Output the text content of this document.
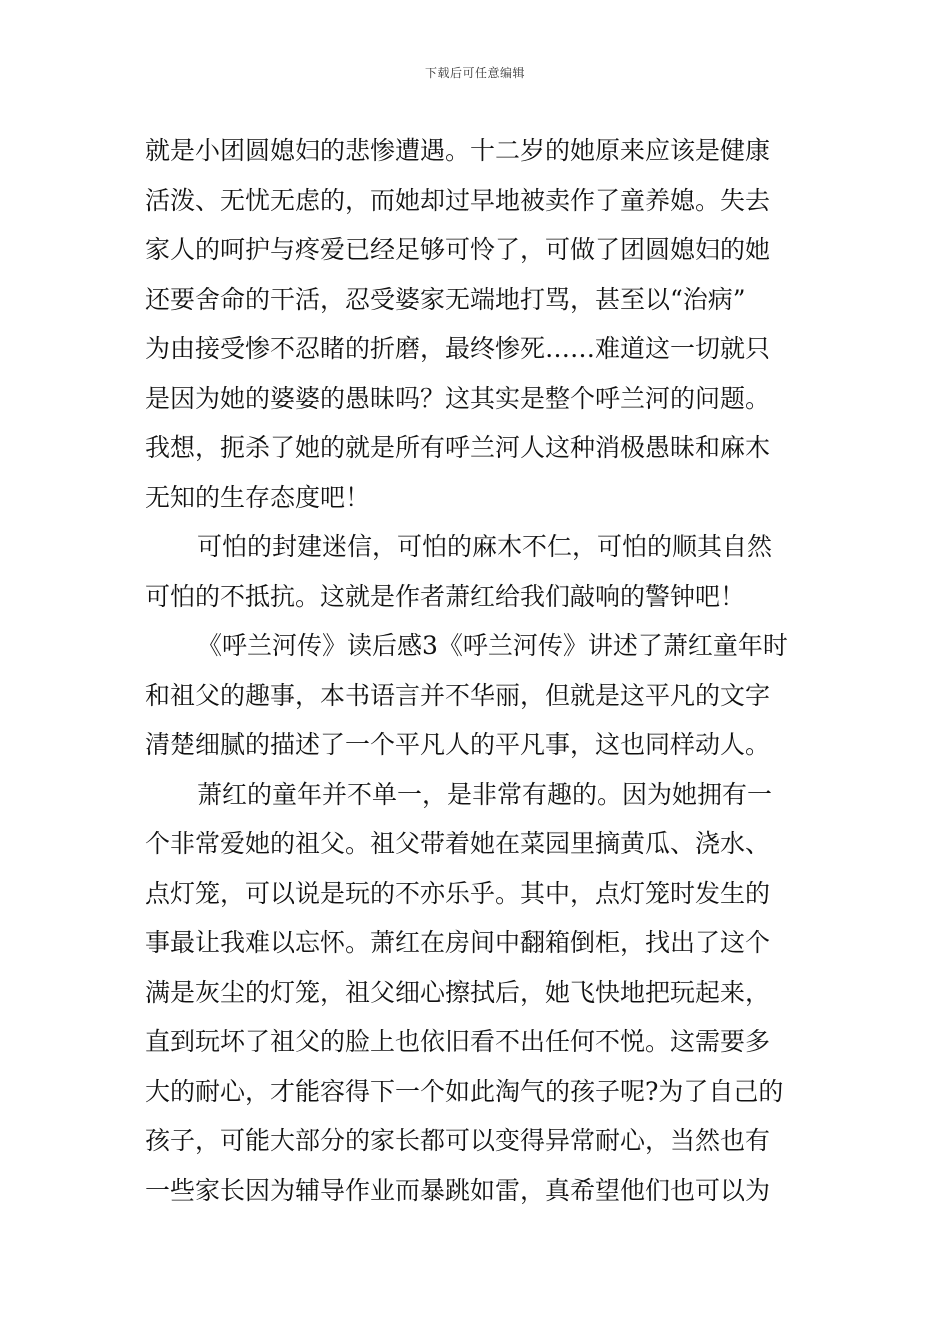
下载后可任意编辑
就是小团圆媳妇的悲惨遭遇。十二岁的她原来应该是健康
活泼、无忧无虑的，而她却过早地被卖作了童养媳。失去
家人的呵护与疼爱已经足够可怜了，可做了团圆媳妇的她
还要舍命的干活，忍受婆家无端地打骂，甚至以“治病”
为由接受惨不忍睹的折磨，最终惨死……难道这一切就只
是因为她的婆婆的愚昧吗？这其实是整个呼兰河的问题。
我想，扼杀了她的就是所有呼兰河人这种消极愚昧和麻木
无知的生存态度吧！
可怕的封建迷信，可怕的麻木不仁，可怕的顺其自然
可怕的不抵抗。这就是作者萧红给我们敲响的警钟吧！
《呼兰河传》读后感3《呼兰河传》讲述了萧红童年时
和祖父的趣事，本书语言并不华丽，但就是这平凡的文字
清楚细腻的描述了一个平凡人的平凡事，这也同样动人。
萧红的童年并不单一，是非常有趣的。因为她拥有一
个非常爱她的祖父。祖父带着她在菜园里摘黄瓜、浇水、
点灯笼，可以说是玩的不亦乐乎。其中，点灯笼时发生的
事最让我难以忘怀。萧红在房间中翻箱倒柜，找出了这个
满是灰尘的灯笼，祖父细心擦拭后，她飞快地把玩起来，
直到玩坏了祖父的脸上也依旧看不出任何不悦。这需要多
大的耐心，才能容得下一个如此淘气的孩子呢?为了自己的
孩子，可能大部分的家长都可以变得异常耐心，当然也有
一些家长因为辅导作业而暴跳如雷，真希望他们也可以为
